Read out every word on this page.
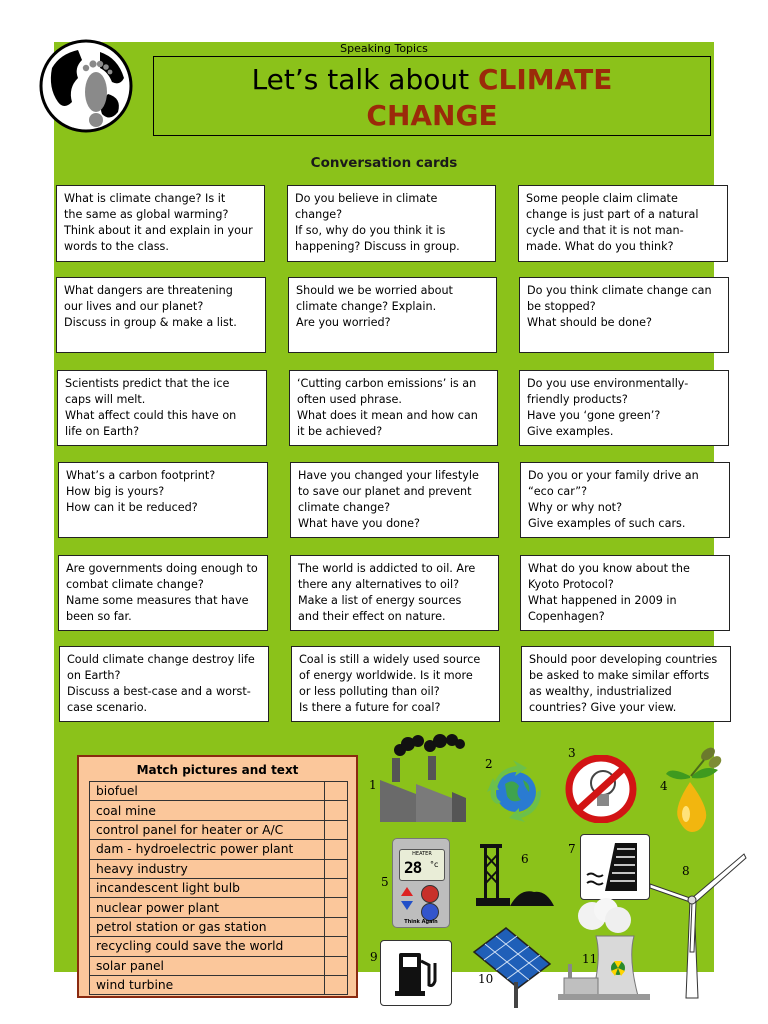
Speaking Topics
Let’s talk about CLIMATE
CHANGE
Conversation cards
What is climate change? Is it
the same as global warming?
Think about it and explain in your
words to the class.
Do you believe in climate change?
If so, why do you think it is
happening? Discuss in group.
Some people claim climate
change is just part of a natural
cycle and that it is not man-
made. What do you think?
What dangers are threatening
our lives and our planet?
Discuss in group & make a list.
Should we be worried about
climate change? Explain.
Are you worried?
Do you think climate change can
be stopped?
What should be done?
Scientists predict that the ice
caps will melt.
What affect could this have on
life on Earth?
‘Cutting carbon emissions’ is an
often used phrase.
What does it mean and how can
it be achieved?
Do you use environmentally-
friendly products?
Have you ‘gone green’?
Give examples.
What’s a carbon footprint?
How big is yours?
How can it be reduced?
Have you changed your lifestyle
to save our planet and prevent
climate change?
What have you done?
Do you or your family drive an
“eco car”?
Why or why not?
Give examples of such cars.
Are governments doing enough to
combat climate change?
Name some measures that have
been so far.
The world is addicted to oil. Are
there any alternatives to oil?
Make a list of energy sources
and their effect on nature.
What do you know about the
Kyoto Protocol?
What happened in 2009 in
Copenhagen?
Could climate change destroy life
on Earth?
Discuss a best-case and a worst-
case scenario.
Coal is still a widely used source
of energy worldwide. Is it more
or less polluting than oil?
Is there a future for coal?
Should poor developing countries
be asked to make similar efforts
as wealthy, industrialized
countries? Give your view.
Match pictures and text
biofuel	
coal mine	
control panel for heater or A/C	
dam - hydroelectric power plant	
heavy industry	
incandescent light bulb	
nuclear power plant	
petrol station or gas station	
recycling could save the world	
solar panel	
wind turbine	
1
2
3
4
5
HEATER
28 °c
Think Again
6
7
8
9
10
11
